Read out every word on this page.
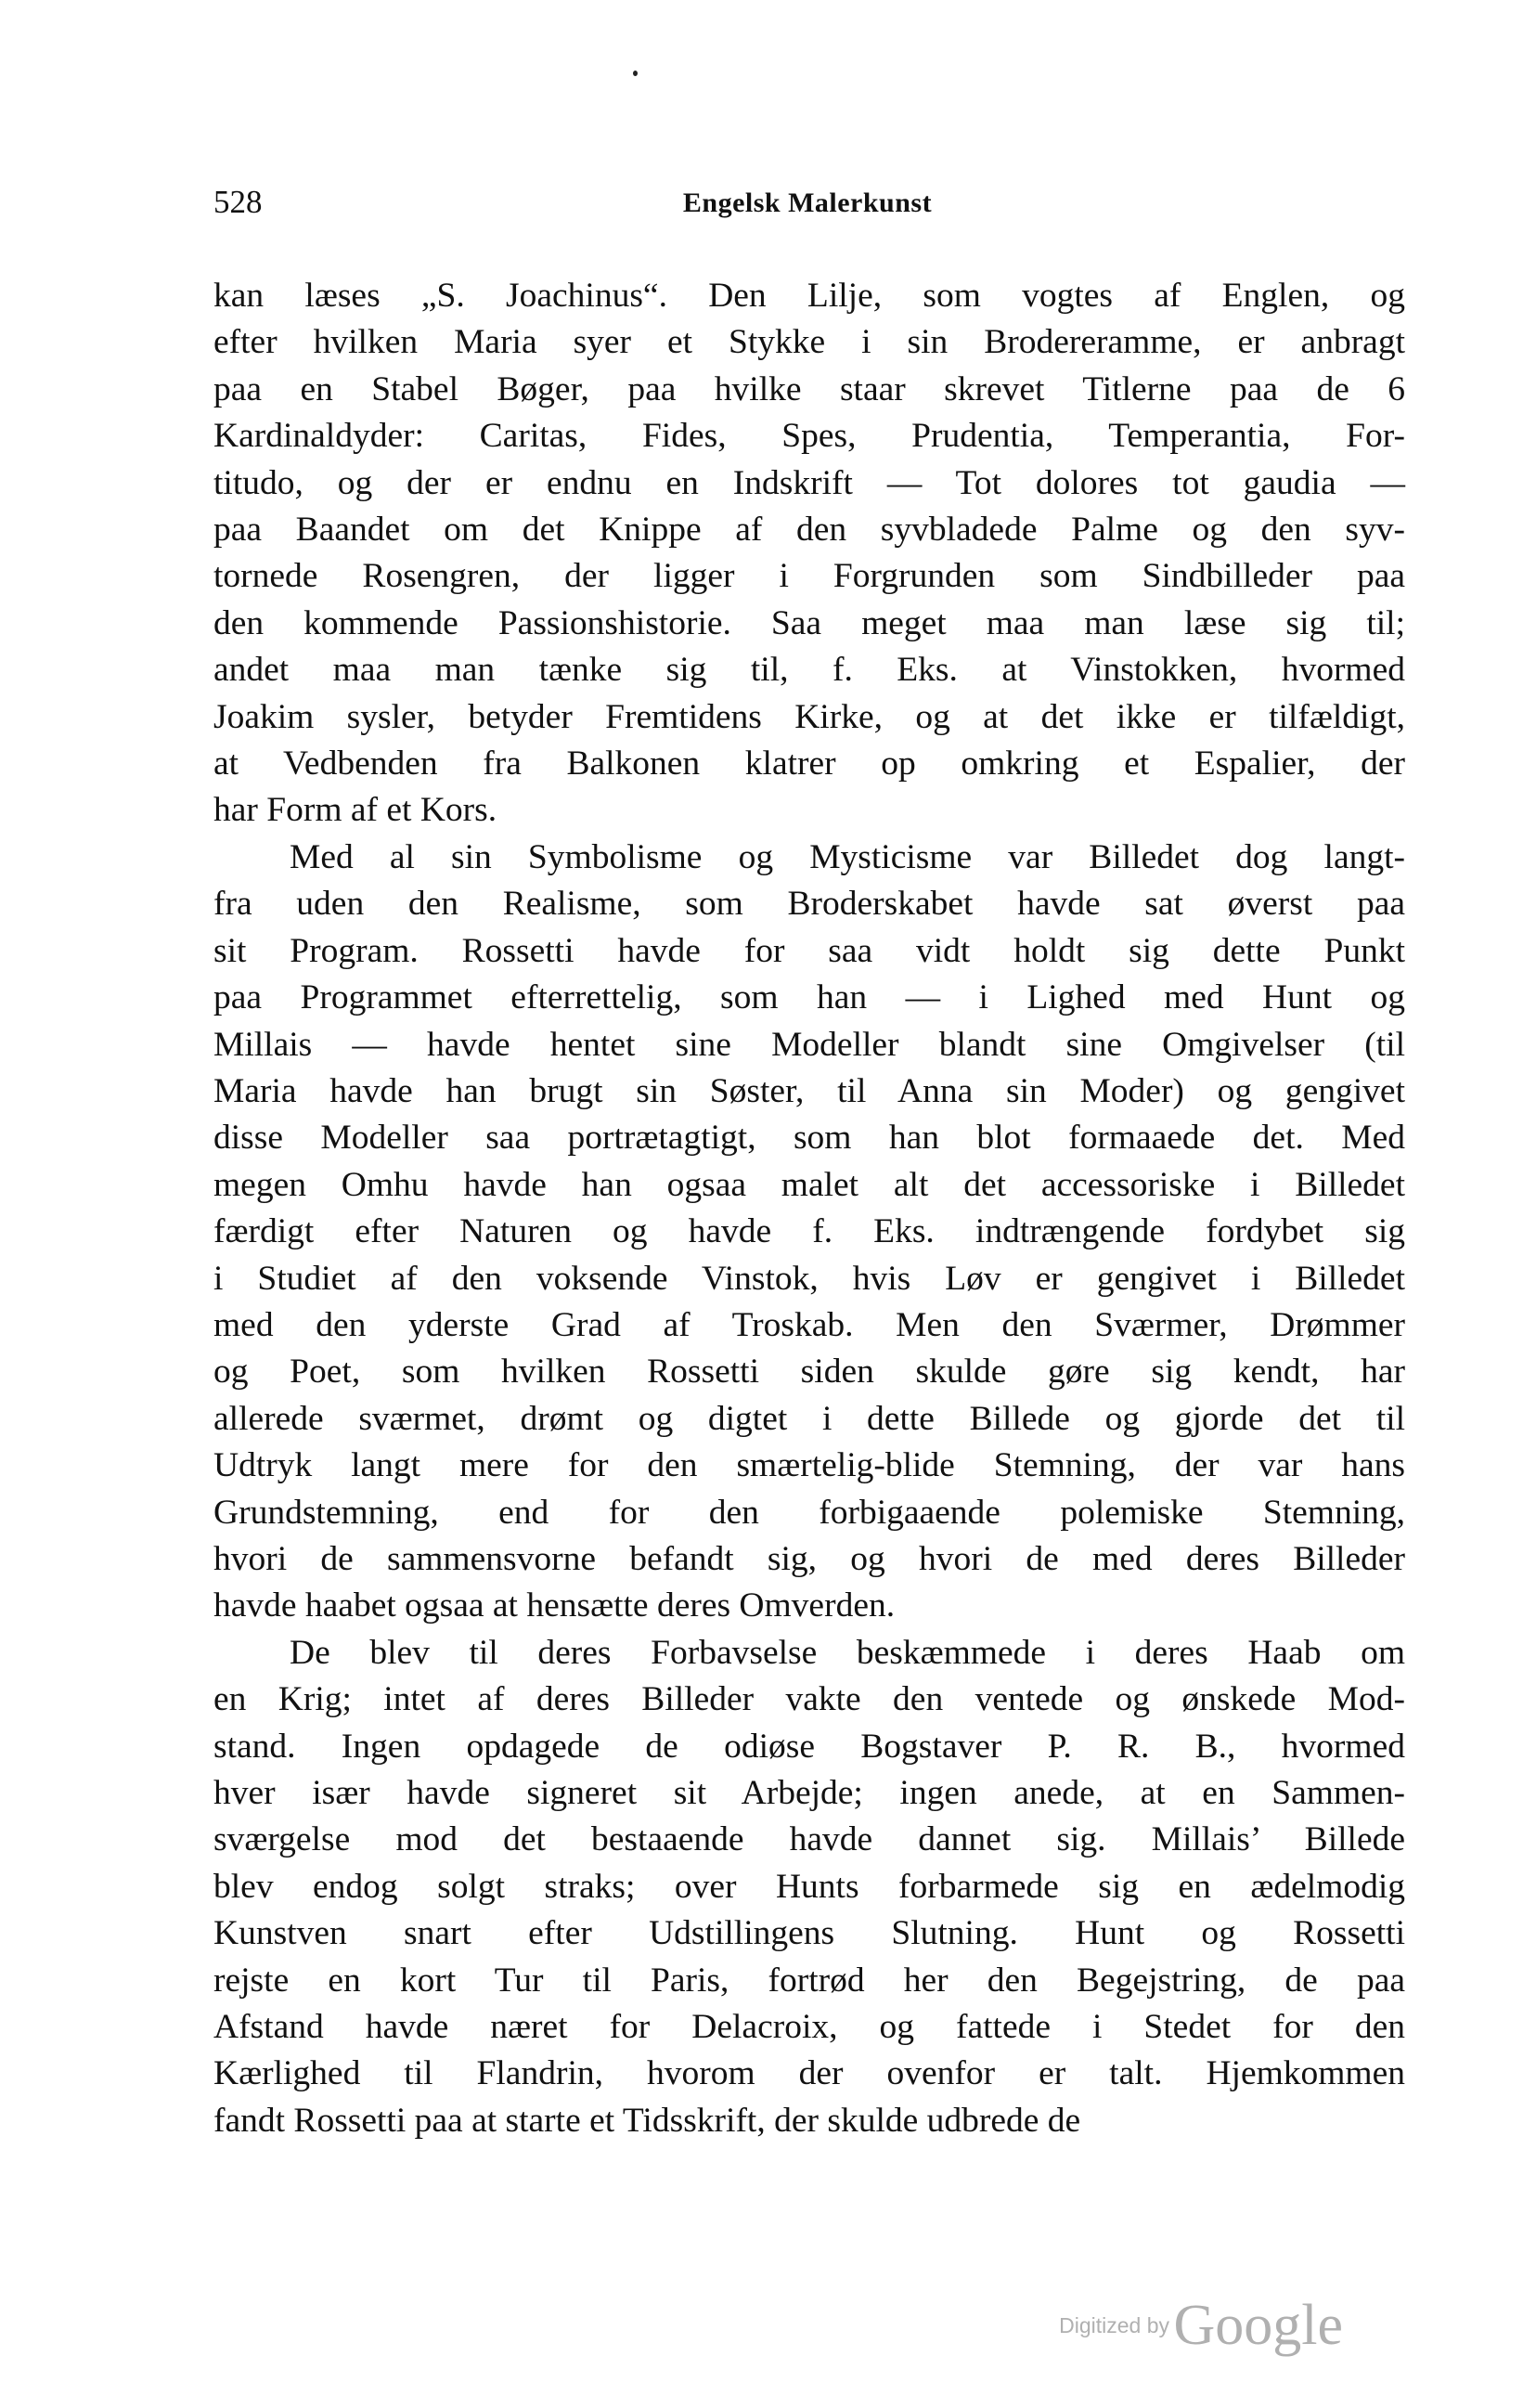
528	Engelsk Malerkunst

kan læses „S. Joachinus“. Den Lilje, som vogtes af Englen, og
efter hvilken Maria syer et Stykke i sin Brodereramme, er anbragt
paa en Stabel Bøger, paa hvilke staar skrevet Titlerne paa de 6
Kardinaldyder: Caritas, Fides, Spes, Prudentia, Temperantia, For-
titudo, og der er endnu en Indskrift — Tot dolores tot gaudia —
paa Baandet om det Knippe af den syvbladede Palme og den syv-
tornede Rosengren, der ligger i Forgrunden som Sindbilleder paa
den kommende Passionshistorie. Saa meget maa man læse sig til;
andet maa man tænke sig til, f. Eks. at Vinstokken, hvormed
Joakim sysler, betyder Fremtidens Kirke, og at det ikke er tilfældigt,
at Vedbenden fra Balkonen klatrer op omkring et Espalier, der
har Form af et Kors.

Med al sin Symbolisme og Mysticisme var Billedet dog langt-
fra uden den Realisme, som Broderskabet havde sat øverst paa
sit Program. Rossetti havde for saa vidt holdt sig dette Punkt
paa Programmet efterrettelig, som han — i Lighed med Hunt og
Millais — havde hentet sine Modeller blandt sine Omgivelser (til
Maria havde han brugt sin Søster, til Anna sin Moder) og gengivet
disse Modeller saa portrætagtigt, som han blot formaaede det. Med
megen Omhu havde han ogsaa malet alt det accessoriske i Billedet
færdigt efter Naturen og havde f. Eks. indtrængende fordybet sig
i Studiet af den voksende Vinstok, hvis Løv er gengivet i Billedet
med den yderste Grad af Troskab. Men den Sværmer, Drømmer
og Poet, som hvilken Rossetti siden skulde gøre sig kendt, har
allerede sværmet, drømt og digtet i dette Billede og gjorde det til
Udtryk langt mere for den smærtelig-blide Stemning, der var hans
Grundstemning, end for den forbigaaende polemiske Stemning,
hvori de sammensvorne befandt sig, og hvori de med deres Billeder
havde haabet ogsaa at hensætte deres Omverden.

De blev til deres Forbavselse beskæmmede i deres Haab om
en Krig; intet af deres Billeder vakte den ventede og ønskede Mod-
stand. Ingen opdagede de odiøse Bogstaver P. R. B., hvormed
hver især havde signeret sit Arbejde; ingen anede, at en Sammen-
sværgelse mod det bestaaende havde dannet sig. Millais’ Billede
blev endog solgt straks; over Hunts forbarmede sig en ædelmodig
Kunstven snart efter Udstillingens Slutning. Hunt og Rossetti
rejste en kort Tur til Paris, fortrød her den Begejstring, de paa
Afstand havde næret for Delacroix, og fattede i Stedet for den
Kærlighed til Flandrin, hvorom der ovenfor er talt. Hjemkommen
fandt Rossetti paa at starte et Tidsskrift, der skulde udbrede de

Digitized by Google
